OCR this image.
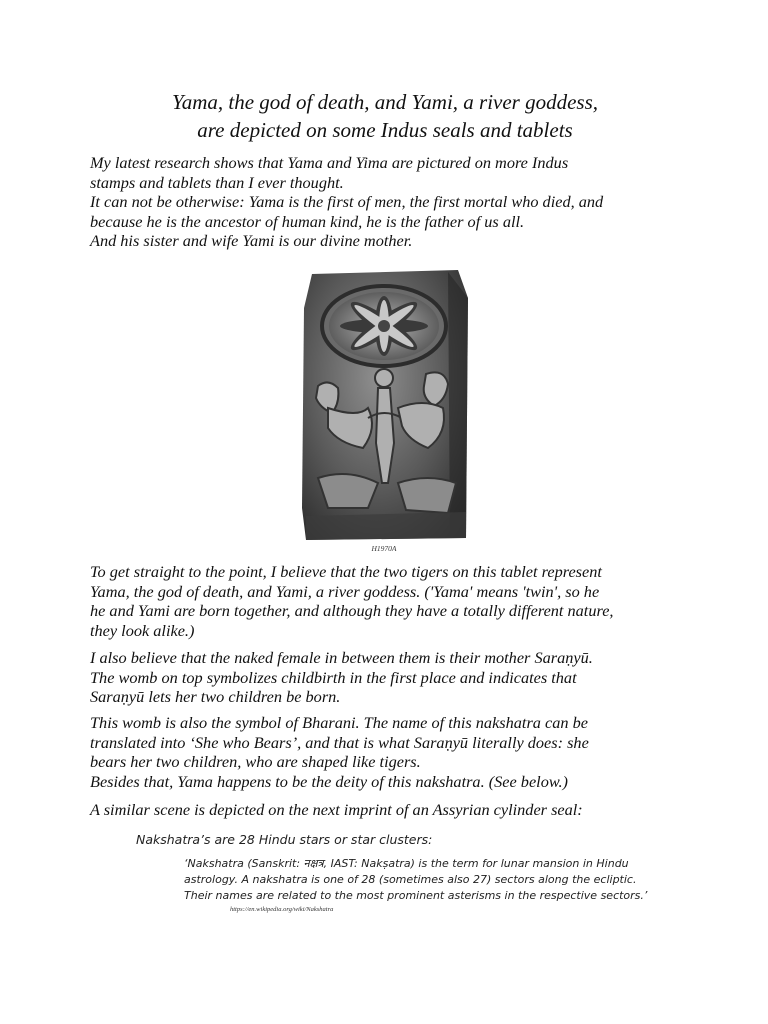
Yama, the god of death, and Yami, a river goddess,
are depicted on some Indus seals and tablets

My latest research shows that Yama and Yima are pictured on more Indus
stamps and tablets than I ever thought.
It can not be otherwise: Yama is the first of men, the first mortal who died, and
because he is the ancestor of human kind, he is the father of us all.
And his sister and wife Yami is our divine mother.

H1970A

To get straight to the point, I believe that the two tigers on this tablet represent
Yama, the god of death, and Yami, a river goddess. ('Yama' means 'twin', so he
he and Yami are born together, and although they have a totally different nature,
they look alike.)

I also believe that the naked female in between them is their mother Saraṇyū.
The womb on top symbolizes childbirth in the first place and indicates that
Saraṇyū lets her two children be born.

This womb is also the symbol of Bharani. The name of this nakshatra can be
translated into ‘She who Bears’, and that is what Saraṇyū literally does: she
bears her two children, who are shaped like tigers.
Besides that, Yama happens to be the deity of this nakshatra. (See below.)

A similar scene is depicted on the next imprint of an Assyrian cylinder seal:

Nakshatra’s are 28 Hindu stars or star clusters:

‘Nakshatra (Sanskrit: नक्षत्र, IAST: Nakṣatra) is the term for lunar mansion in Hindu
astrology. A nakshatra is one of 28 (sometimes also 27) sectors along the ecliptic.
Their names are related to the most prominent asterisms in the respective sectors.’

https://en.wikipedia.org/wiki/Nakshatra
